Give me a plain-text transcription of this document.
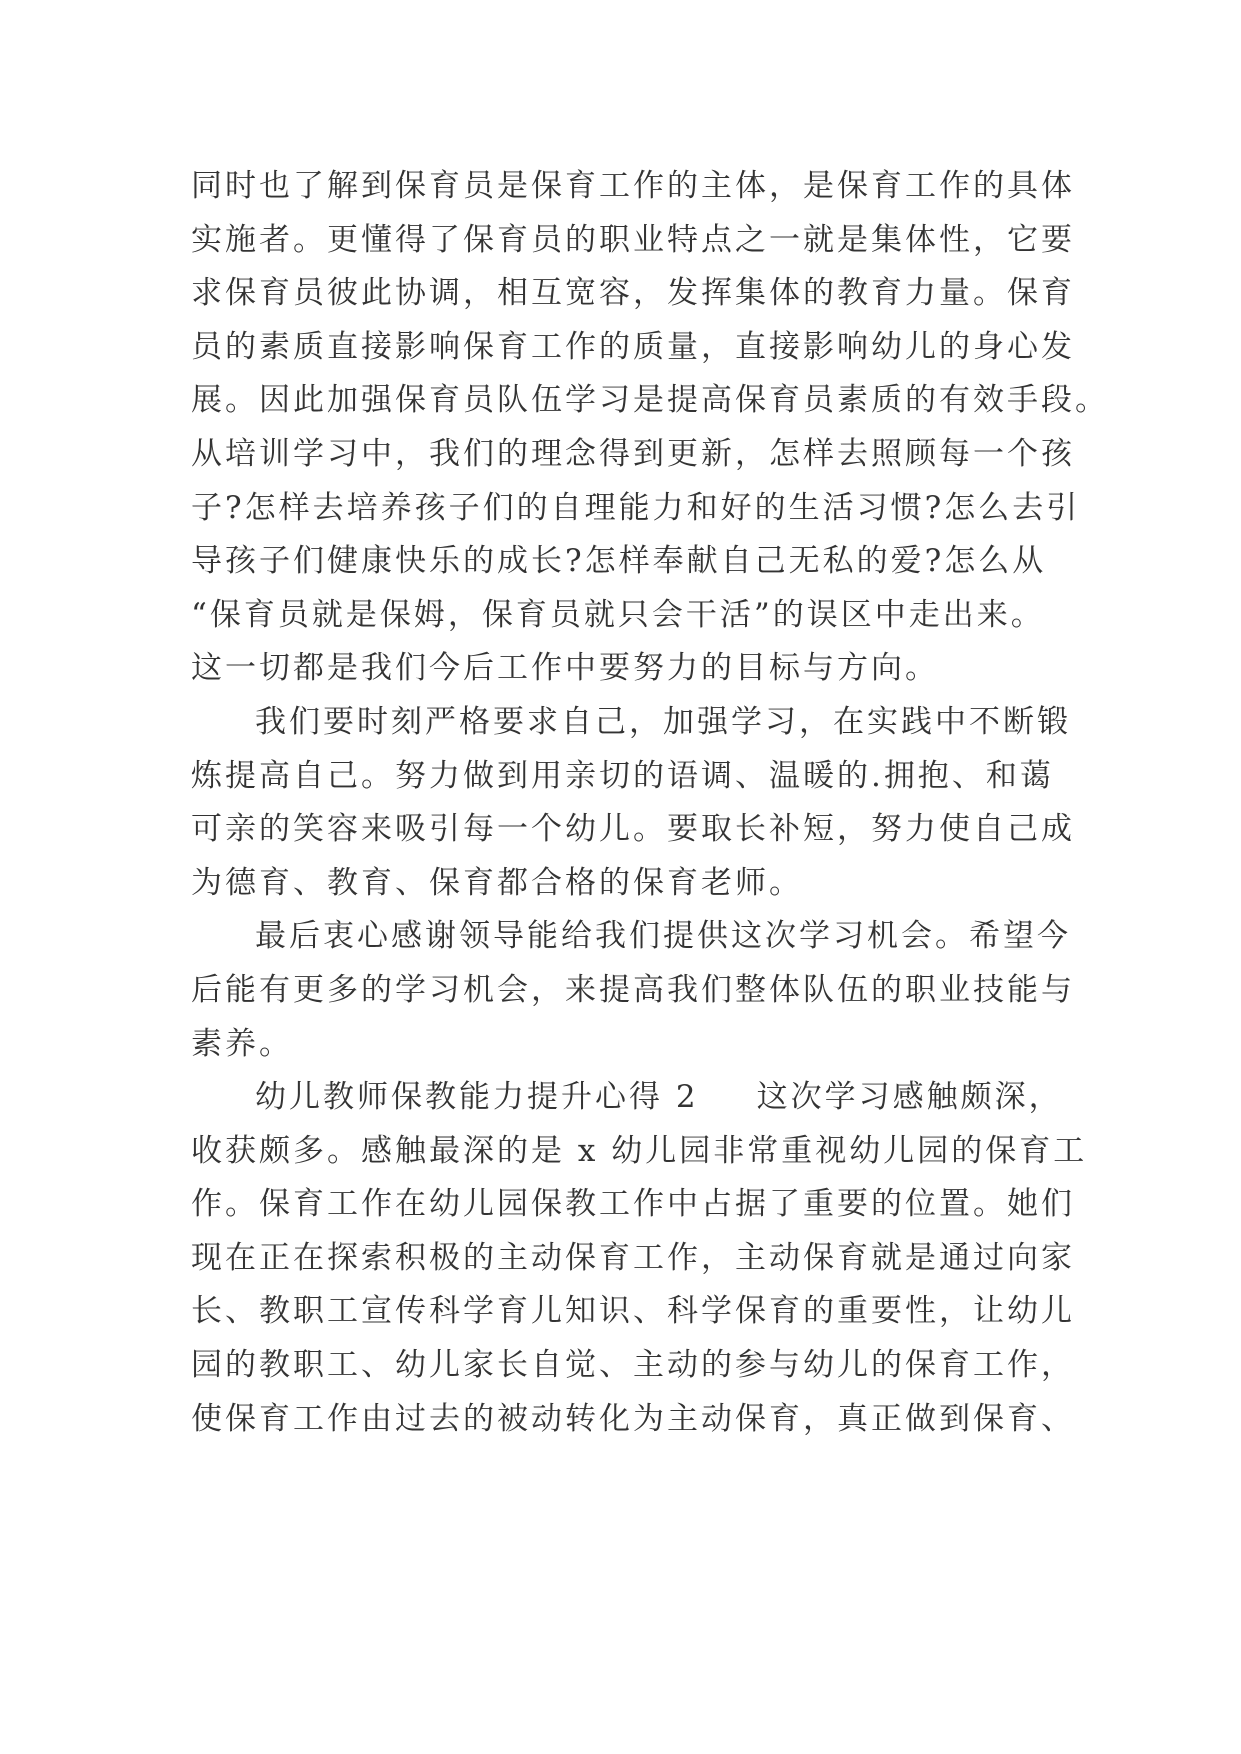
同时也了解到保育员是保育工作的主体，是保育工作的具体
实施者。更懂得了保育员的职业特点之一就是集体性，它要
求保育员彼此协调，相互宽容，发挥集体的教育力量。保育
员的素质直接影响保育工作的质量，直接影响幼儿的身心发
展。因此加强保育员队伍学习是提高保育员素质的有效手段。
从培训学习中，我们的理念得到更新，怎样去照顾每一个孩
子?怎样去培养孩子们的自理能力和好的生活习惯?怎么去引
导孩子们健康快乐的成长?怎样奉献自己无私的爱?怎么从
“保育员就是保姆，保育员就只会干活”的误区中走出来。
这一切都是我们今后工作中要努力的目标与方向。
我们要时刻严格要求自己，加强学习，在实践中不断锻
炼提高自己。努力做到用亲切的语调、温暖的.拥抱、和蔼
可亲的笑容来吸引每一个幼儿。要取长补短，努力使自己成
为德育、教育、保育都合格的保育老师。
最后衷心感谢领导能给我们提供这次学习机会。希望今
后能有更多的学习机会，来提高我们整体队伍的职业技能与
素养。
幼儿教师保教能力提升心得 2 这次学习感触颇深，
收获颇多。感触最深的是 x 幼儿园非常重视幼儿园的保育工
作。保育工作在幼儿园保教工作中占据了重要的位置。她们
现在正在探索积极的主动保育工作，主动保育就是通过向家
长、教职工宣传科学育儿知识、科学保育的重要性，让幼儿
园的教职工、幼儿家长自觉、主动的参与幼儿的保育工作，
使保育工作由过去的被动转化为主动保育，真正做到保育、
